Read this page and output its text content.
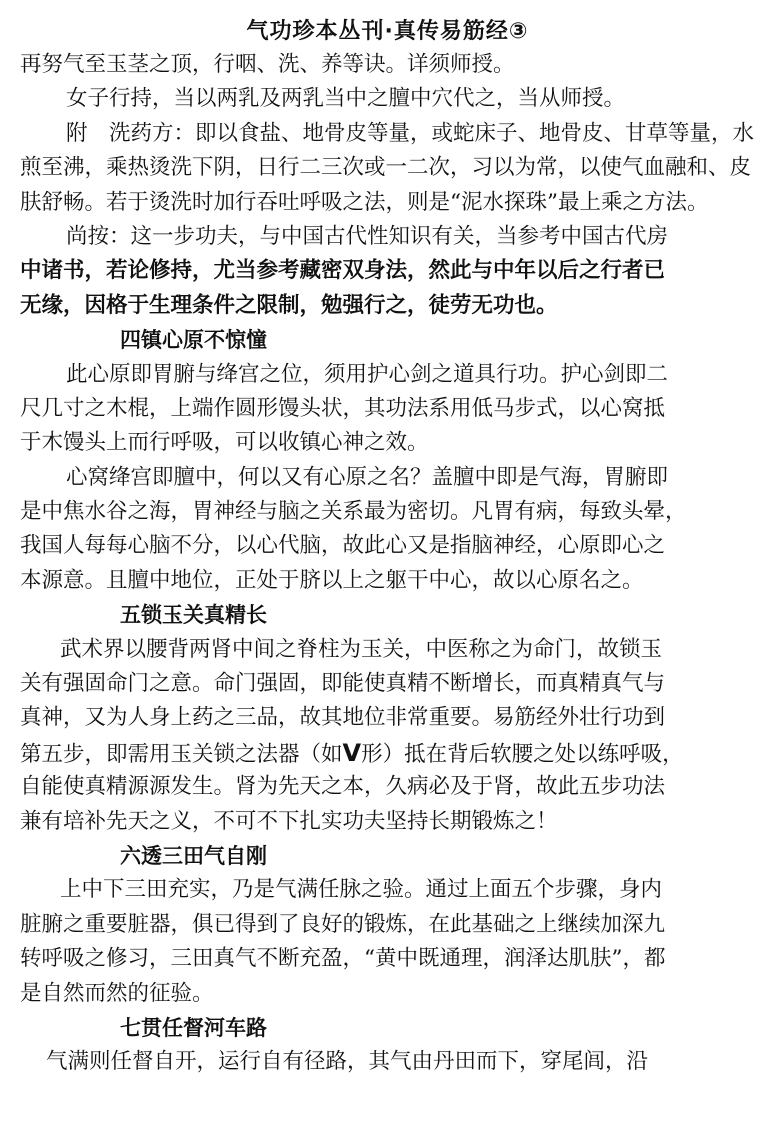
气功珍本丛刊·真传易筋经③
再努气至玉茎之顶，行咽、洗、养等诀。详须师授。
女子行持，当以两乳及两乳当中之膻中穴代之，当从师授。
附　洗药方：即以食盐、地骨皮等量，或蛇床子、地骨皮、甘草等量，水
煎至沸，乘热烫洗下阴，日行二三次或一二次，习以为常，以使气血融和、皮
肤舒畅。若于烫洗时加行吞吐呼吸之法，则是“泥水探珠”最上乘之方法。
尚按：这一步功夫，与中国古代性知识有关，当参考中国古代房
中诸书，若论修持，尤当参考藏密双身法，然此与中年以后之行者已
无缘，因格于生理条件之限制，勉强行之，徒劳无功也。
四镇心原不惊憧
此心原即胃腑与绛宫之位，须用护心剑之道具行功。护心剑即二
尺几寸之木棍，上端作圆形馒头状，其功法系用低马步式，以心窝抵
于木馒头上而行呼吸，可以收镇心神之效。
心窝绛宫即膻中，何以又有心原之名？盖膻中即是气海，胃腑即
是中焦水谷之海，胃神经与脑之关系最为密切。凡胃有病，每致头晕，
我国人每每心脑不分，以心代脑，故此心又是指脑神经，心原即心之
本源意。且膻中地位，正处于脐以上之躯干中心，故以心原名之。
五锁玉关真精长
武术界以腰背两肾中间之脊柱为玉关，中医称之为命门，故锁玉
关有强固命门之意。命门强固，即能使真精不断增长，而真精真气与
真神，又为人身上药之三品，故其地位非常重要。易筋经外壮行功到
第五步，即需用玉关锁之法器（如V形）抵在背后软腰之处以练呼吸，
自能使真精源源发生。肾为先天之本，久病必及于肾，故此五步功法
兼有培补先天之义，不可不下扎实功夫坚持长期锻炼之！
六透三田气自刚
上中下三田充实，乃是气满任脉之验。通过上面五个步骤，身内
脏腑之重要脏器，俱已得到了良好的锻炼，在此基础之上继续加深九
转呼吸之修习，三田真气不断充盈，“黄中既通理，润泽达肌肤”，都
是自然而然的征验。
七贯任督河车路
气满则任督自开，运行自有径路，其气由丹田而下，穿尾闾，沿
